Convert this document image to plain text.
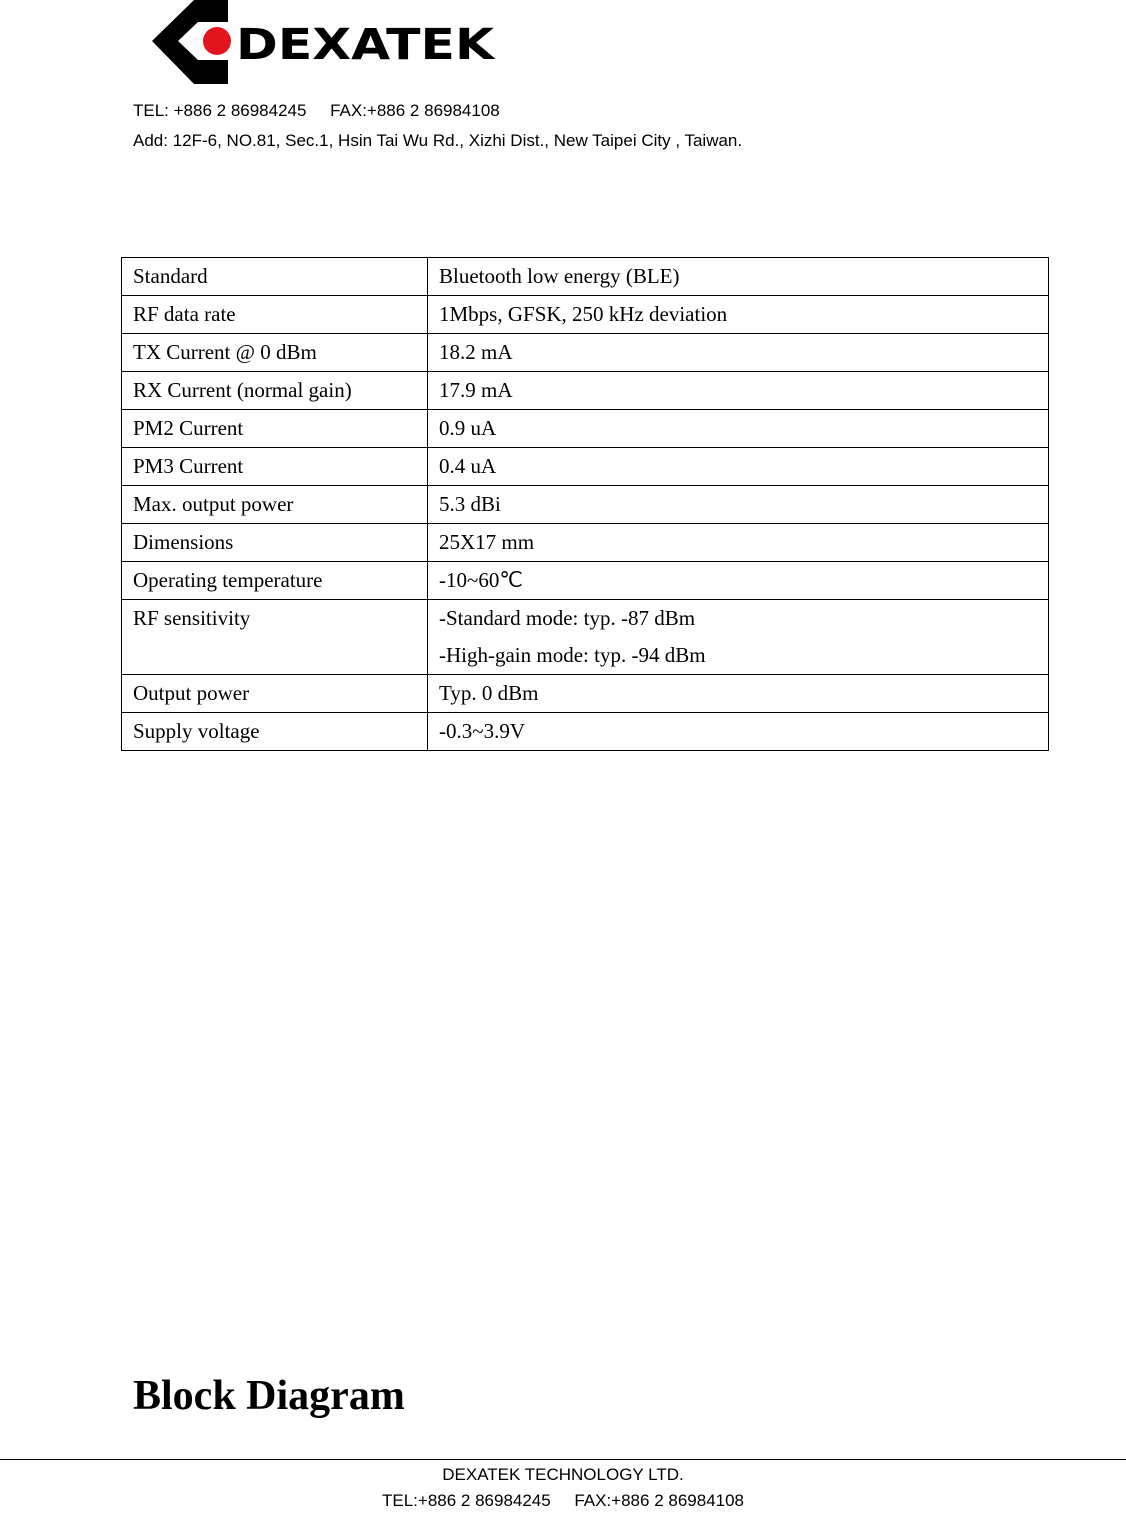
DEXATEK
TEL: +886 2 86984245     FAX:+886 2 86984108
Add: 12F-6, NO.81, Sec.1, Hsin Tai Wu Rd., Xizhi Dist., New Taipei City , Taiwan.
Standard	Bluetooth low energy (BLE)
RF data rate	1Mbps, GFSK, 250 kHz deviation
TX Current @ 0 dBm	18.2 mA
RX Current (normal gain)	17.9 mA
PM2 Current	0.9 uA
PM3 Current	0.4 uA
Max. output power	5.3 dBi
Dimensions	25X17 mm
Operating temperature	-10~60℃
RF sensitivity	-Standard mode: typ. -87 dBm
-High-gain mode: typ. -94 dBm

Output power	Typ. 0 dBm
Supply voltage	-0.3~3.9V
Block Diagram
DEXATEK TECHNOLOGY LTD.
TEL:+886 2 86984245     FAX:+886 2 86984108
